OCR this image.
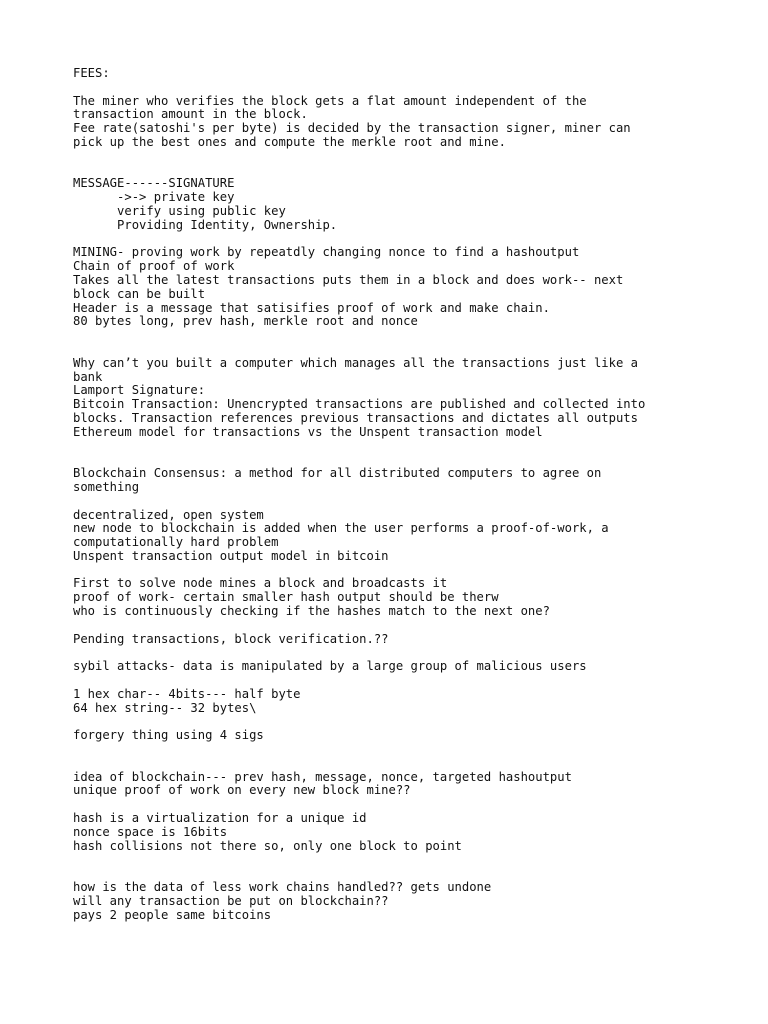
FEES:
The miner who verifies the block gets a flat amount independent of the
transaction amount in the block.
Fee rate(satoshi's per byte) is decided by the transaction signer, miner can
pick up the best ones and compute the merkle root and mine.
MESSAGE------SIGNATURE
->-> private key
verify using public key
Providing Identity, Ownership.
MINING- proving work by repeatdly changing nonce to find a hashoutput
Chain of proof of work
Takes all the latest transactions puts them in a block and does work-- next
block can be built
Header is a message that satisifies proof of work and make chain.
80 bytes long, prev hash, merkle root and nonce
Why can’t you built a computer which manages all the transactions just like a
bank
Lamport Signature:
Bitcoin Transaction: Unencrypted transactions are published and collected into
blocks. Transaction references previous transactions and dictates all outputs
Ethereum model for transactions vs the Unspent transaction model
Blockchain Consensus: a method for all distributed computers to agree on
something
decentralized, open system
new node to blockchain is added when the user performs a proof-of-work, a
computationally hard problem
Unspent transaction output model in bitcoin
First to solve node mines a block and broadcasts it
proof of work- certain smaller hash output should be therw
who is continuously checking if the hashes match to the next one?
Pending transactions, block verification.??
sybil attacks- data is manipulated by a large group of malicious users
1 hex char-- 4bits--- half byte
64 hex string-- 32 bytes\
forgery thing using 4 sigs
idea of blockchain--- prev hash, message, nonce, targeted hashoutput
unique proof of work on every new block mine??
hash is a virtualization for a unique id
nonce space is 16bits
hash collisions not there so, only one block to point
how is the data of less work chains handled?? gets undone
will any transaction be put on blockchain??
pays 2 people same bitcoins
